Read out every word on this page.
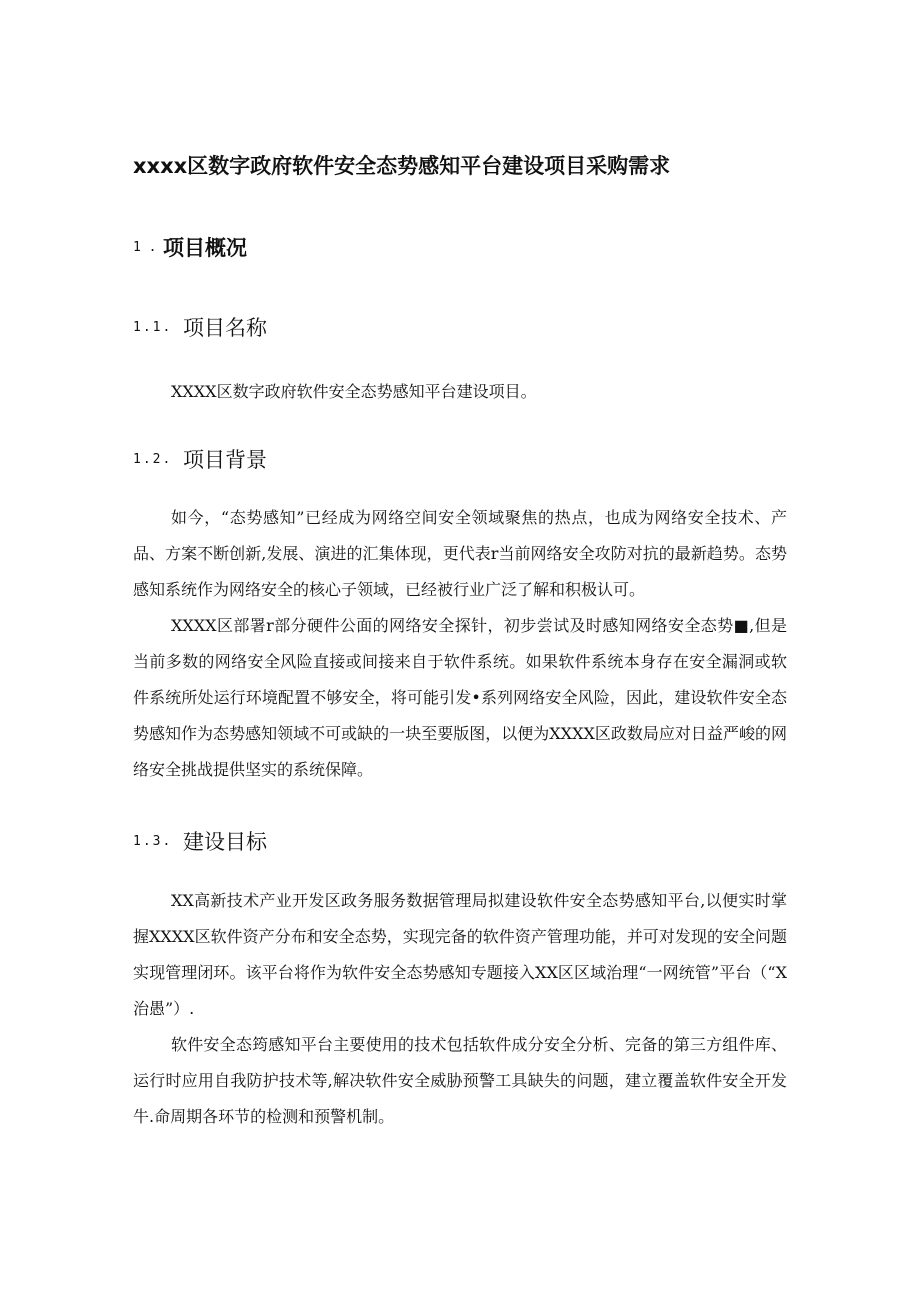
xxxx区数字政府软件安全态势感知平台建设项目采购需求
1 . 项目概况
1.1. 项目名称
XXXX区数字政府软件安全态势感知平台建设项目。
1.2. 项目背景

如今，“态势感知”已经成为网络空间安全领域聚焦的热点，也成为网络安全技术、产品、方案不断创新,发展、演进的汇集体现，更代表r当前网络安全攻防对抗的最新趋势。态势感知系统作为网络安全的核心子领域，已经被行业广泛了解和积极认可。

XXXX区部署r部分硬件公面的网络安全探针，初步尝试及时感知网络安全态势■,但是当前多数的网络安全风险直接或间接来自于软件系统。如果软件系统本身存在安全漏洞或软件系统所处运行环境配置不够安全，将可能引发•系列网络安全风险，因此，建设软件安全态势感知作为态势感知领域不可或缺的一块至要版图，以便为XXXX区政数局应对日益严峻的网络安全挑战提供坚实的系统保障。

1.3. 建设目标

XX高新技术产业开发区政务服务数据管理局拟建设软件安全态势感知平台,以便实时掌握XXXX区软件资产分布和安全态势，实现完备的软件资产管理功能，并可对发现的安全问题实现管理闭环。该平台将作为软件安全态势感知专题接入XX区区域治理“一网统管”平台（“X治愚”）.

软件安全态筠感知平台主要使用的技术包括软件成分安全分析、完备的第三方组件库、运行时应用自我防护技术等,解决软件安全威胁预警工具缺失的问题，建立覆盖软件安全开发牛.命周期各环节的检测和预警机制。
